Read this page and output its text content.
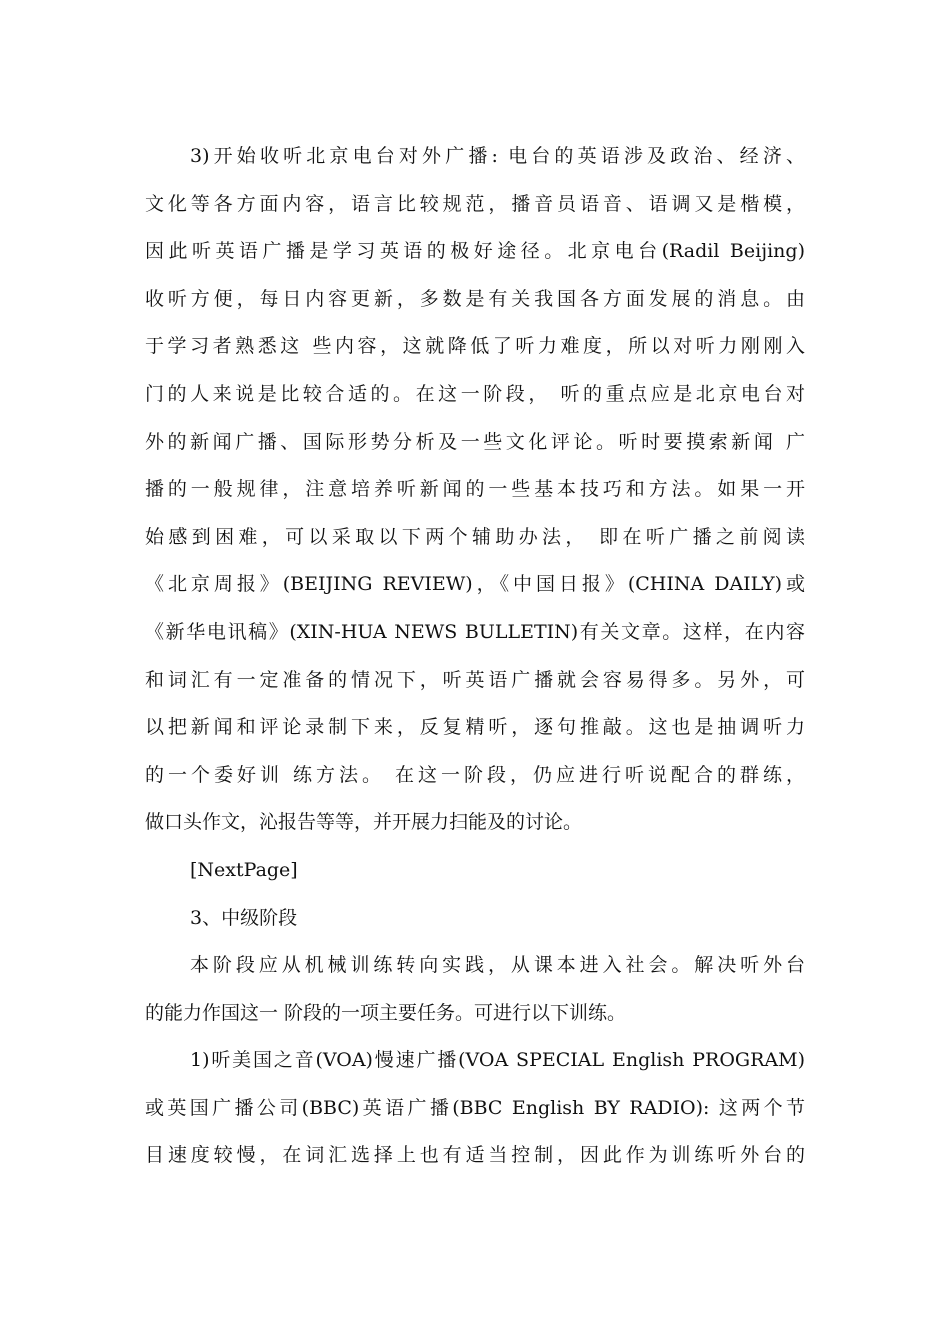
3)开始收听北京电台对外广播: 电台的英语涉及政治、经济、
文化等各方面内容，语言比较规范，播音员语音、语调又是楷模，
因此听英语广播是学习英语的极好途径。北京电台(Radil Beijing)
收听方便，每日内容更新，多数是有关我国各方面发展的消息。由
于学习者熟悉这 些内容，这就降低了听力难度，所以对听力刚刚入
门的人来说是比较合适的。在这一阶段， 听的重点应是北京电台对
外的新闻广播、国际形势分析及一些文化评论。听时要摸索新闻 广
播的一般规律，注意培养听新闻的一些基本技巧和方法。如果一开
始感到困难，可以采取以下两个辅助办法， 即在听广播之前阅读
《北京周报》(BEIJING REVIEW)，《中国日报》(CHINA DAILY)或
《新华电讯稿》(XIN-HUA NEWS BULLETIN)有关文章。这样，在内容
和词汇有一定准备的情况下，听英语广播就会容易得多。另外，可
以把新闻和评论录制下来，反复精听，逐句推敲。这也是抽调听力
的一个委好训 练方法。 在这一阶段，仍应进行听说配合的群练，
做口头作文，沁报告等等，并开展力扫能及的讨论。
[NextPage]
3、中级阶段
本阶段应从机械训练转向实践，从课本进入社会。解决听外台
的能力作国这一 阶段的一项主要任务。可进行以下训练。
1)听美国之音(VOA)慢速广播(VOA SPECIAL English PROGRAM)
或英国广播公司(BBC)英语广播(BBC English BY RADIO): 这两个节
目速度较慢，在词汇选择上也有适当控制，因此作为训练听外台的
